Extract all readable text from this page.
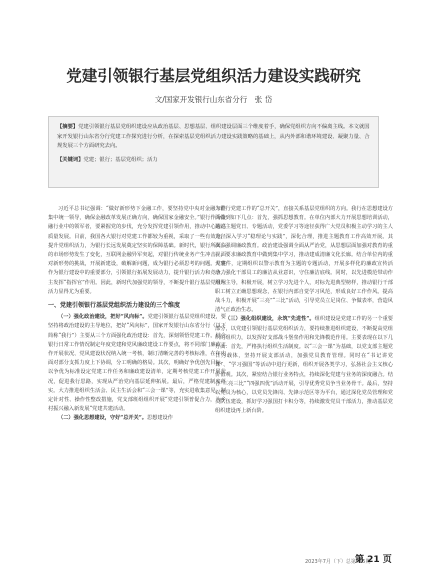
党建引领银行基层党组织活力建设实践研究
文/国家开发银行山东省分行　张 岱

【摘要】党建引领银行基层党组织建设应从政治基层、思想基层、组织建设层面三个维度着手，确保党组织方向不偏离主线。本文就国家开发银行山东省分行党建工作探究进行分析，在探索基层党组织活力建设实践策略的基础上，从内外部和谐环境建设、凝聚力量、合规发展三个方面研究去向。

【关键词】党建；银行；基层党组织；活力

习近平总书记强调：“做好新形势下金融工作，要坚持党中央对金融工作集中统一领导，确保金融改革发展正确方向，确保国家金融安全。”银行作为金融行业中的领军者，要紧握党的步伐，充分发挥党建引领作用，推动中心的高质量发展。目前，我国各大银行对党建工作都较为重视，采取了一些有效途径提升党组织活力，为银行长远发展奠定坚实的保障基础。新时代，银行所面临的市场形势发生了变化，互联网金融异军突起，对银行传统业务产生冲击。面对新形势的挑战，开展新建设，破解新问题，成为银行必须思考的问题。党建作为银行建设中的重要部分，引领银行拓展发展动力，提升银行活力和竞争力主发挥“指挥官”作用。因此，新时代加强党的领导，不断提升银行基层党组织活力显得尤为重要。

一、党建引领银行基层党组织活力建设的三个维度

（一）强化政治建设，把好“风向标”。党建引领银行基层党组织建设，要坚持将政治建设的主导地位，把好“风向标”，国家开发银行山东省分行（以下简称“我行”）主要从三个方面强化政治建设：首先，深刻领悟党建工作。结合银行日常工作情况制定年度党建和党风廉政建设工作要点，将不同部门廉政工作开展状况、党风建设状况纳入统一考核，制订清晰完善的考核标准，在年内面对部分支抓力度上下协调，分工明确的格局。其次，明确好争优创先目标，以争优为标准设定党建工作任务和廉政建设清单，定期考核党建工作开展状况，促进我行思路，实现从严治党向基层延伸拓展。最后，严格党建制度落实。大力推进组织生活会、民主生活会和“三会一课”等，充实进收集意见，制定针对性、操作性整改措施，党支部班组组织开展“党建引领普促合力，为乡村振兴融入新发展“党建共建活动。

（二）强化思想建设，守好“总开关”。思想建设作

为银行党建工作的“总开关”，直接关系基层党组织的方向。我行在思想建设方面做到如下几点：首先，强抓思想教育。在单位内部大力开展思想培训活动，通过主题党日、专题活动，党委学习等途径获得广大党员积极主动学习的主人力，深入学习“稳理论与实践”，深化合理，推进主题教育工作高效开展。其次，强调廉政教育。政治建设强调全面从严治党，从思想层面加强对教育的重视，要求廉政教育中做到集中学习，推动建成清廉文化长廊。结合单位内的重大事件，定期组织以警示教育为主题的专题活动，开展多样化的廉政宣传活动，强化干部员工的廉洁从业意识，守住廉洁底线。同时，以先进模范带动作用为主导，积极开展，树立学习先进个人，对标先进典型榜样，推动银行干部职工树立正确思想观念，在银行内部自觉学习风范，形成良好工作作风。提高战斗力，积极开展“三亮”“三比”活动，引导党员立足岗位、争做表率，营造风清气正政治生态。

（三）强化组织建设，永筑“先进性”。组织建设是党建工作的另一个重要部分，以党建引领银行基层党组织活力，要持续推进组织建设，不断提高党组织的组织力，以发挥好支部战斗堡垒作用和先锋模范作用。主要表现在以下几方面：首先，严格执行组织生活制度。以“三会一课”为基础，以党支部主题党日为载体，坚持开展支部活动，加强党员教育管理。同时在“书记讲党课”、“学习强国”等活动中进行更新，组织开展各类学习，弘扬社会主义核心价值观。其次，紧密结合银行业务特点，持续深化党建与业务的深度融合。结合“三亮三比”“四强四优”活动开展，引导优秀党员争当业务骨干。最后，坚持以党员为核心，以党员先锋岗、先锋示范区等为平台，通过深化党员管理和党员队伍建设，抓好学习强国打卡积分等，持续激发党员干部活力，推动基层党组织建设再上新台阶。

2023年7月（下）总第415期
第 21 页
